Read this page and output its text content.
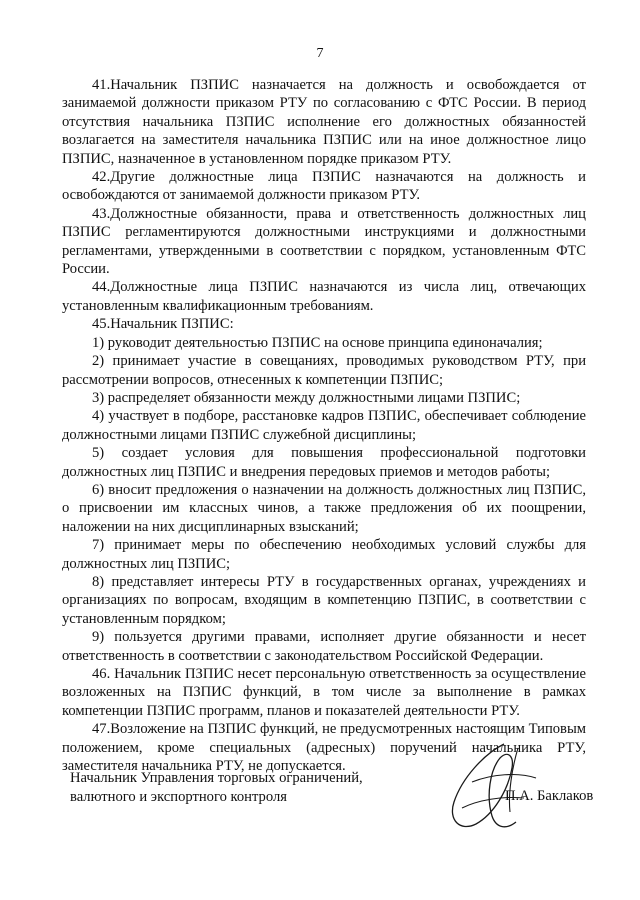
7

41.Начальник ПЗПИС назначается на должность и освобождается от занимаемой должности приказом РТУ по согласованию с ФТС России. В период отсутствия начальника ПЗПИС исполнение его должностных обязанностей возлагается на заместителя начальника ПЗПИС или на иное должностное лицо ПЗПИС, назначенное в установленном порядке приказом РТУ.

42.Другие должностные лица ПЗПИС назначаются на должность и освобождаются от занимаемой должности приказом РТУ.

43.Должностные обязанности, права и ответственность должностных лиц ПЗПИС регламентируются должностными инструкциями и должностными регламентами, утвержденными в соответствии с порядком, установленным ФТС России.

44.Должностные лица ПЗПИС назначаются из числа лиц, отвечающих установленным квалификационным требованиям.

45.Начальник ПЗПИС:

1) руководит деятельностью ПЗПИС на основе принципа единоначалия;

2) принимает участие в совещаниях, проводимых руководством РТУ, при рассмотрении вопросов, отнесенных к компетенции ПЗПИС;

3) распределяет обязанности между должностными лицами ПЗПИС;

4) участвует в подборе, расстановке кадров ПЗПИС, обеспечивает соблюдение должностными лицами ПЗПИС служебной дисциплины;

5) создает условия для повышения профессиональной подготовки должностных лиц ПЗПИС и внедрения передовых приемов и методов работы;

6) вносит предложения о назначении на должность должностных лиц ПЗПИС, о присвоении им классных чинов, а также предложения об их поощрении, наложении на них дисциплинарных взысканий;

7) принимает меры по обеспечению необходимых условий службы для должностных лиц ПЗПИС;

8) представляет интересы РТУ в государственных органах, учреждениях и организациях по вопросам, входящим в компетенцию ПЗПИС, в соответствии с установленным порядком;

9) пользуется другими правами, исполняет другие обязанности и несет ответственность в соответствии с законодательством Российской Федерации.

46. Начальник ПЗПИС несет персональную ответственность за осуществление возложенных на ПЗПИС функций, в том числе за выполнение в рамках компетенции ПЗПИС программ, планов и показателей деятельности РТУ.

47.Возложение на ПЗПИС функций, не предусмотренных настоящим Типовым положением, кроме специальных (адресных) поручений начальника РТУ, заместителя начальника РТУ, не допускается.

Начальник Управления торговых ограничений,
валютного и экспортного контроля	П.А. Баклаков
